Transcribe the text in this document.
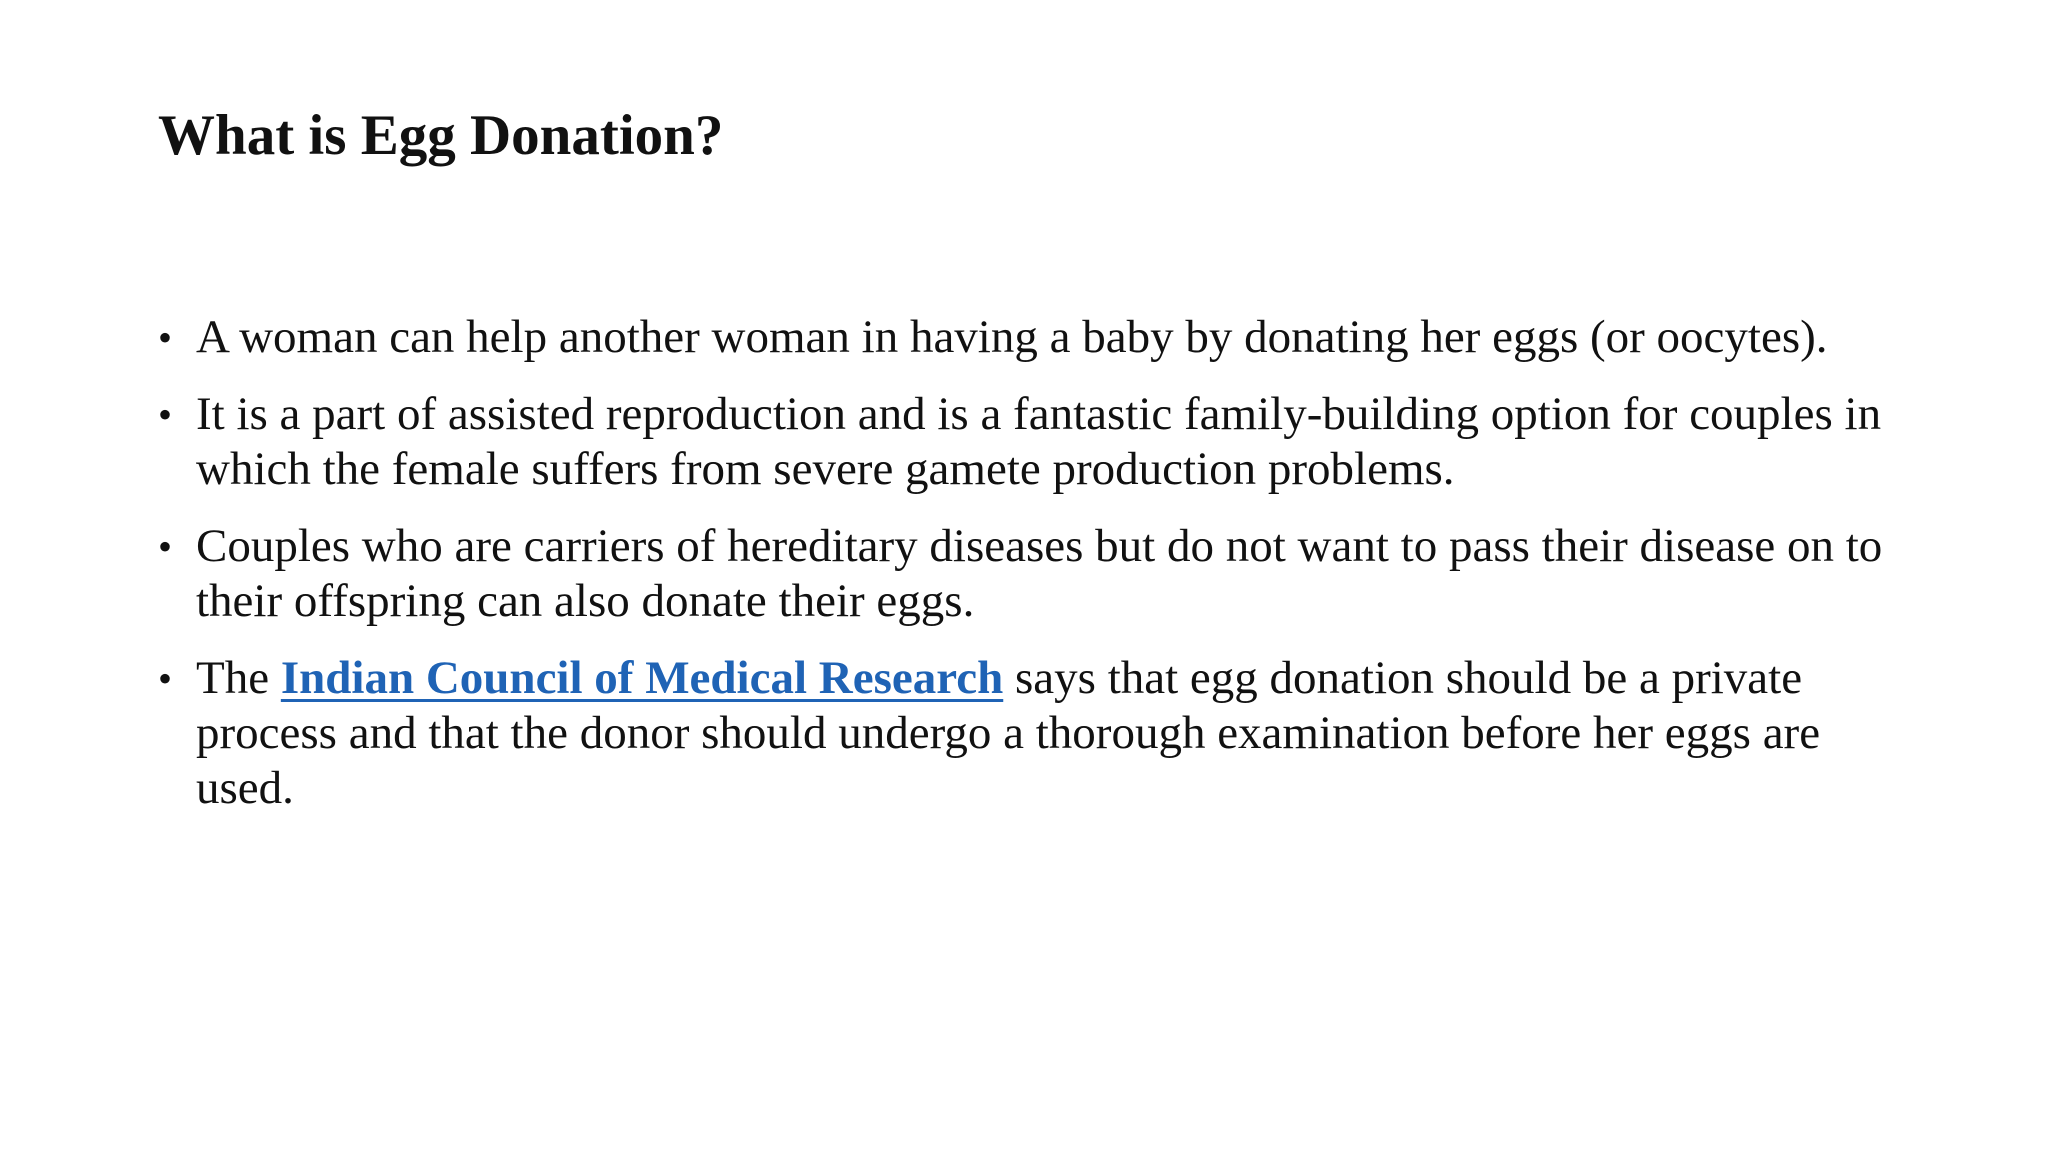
What is Egg Donation?
• A woman can help another woman in having a baby by donating her eggs (or oocytes).
• It is a part of assisted reproduction and is a fantastic family-building option for couples in which the female suffers from severe gamete production problems.
• Couples who are carriers of hereditary diseases but do not want to pass their disease on to their offspring can also donate their eggs.
• The Indian Council of Medical Research says that egg donation should be a private process and that the donor should undergo a thorough examination before her eggs are used.
